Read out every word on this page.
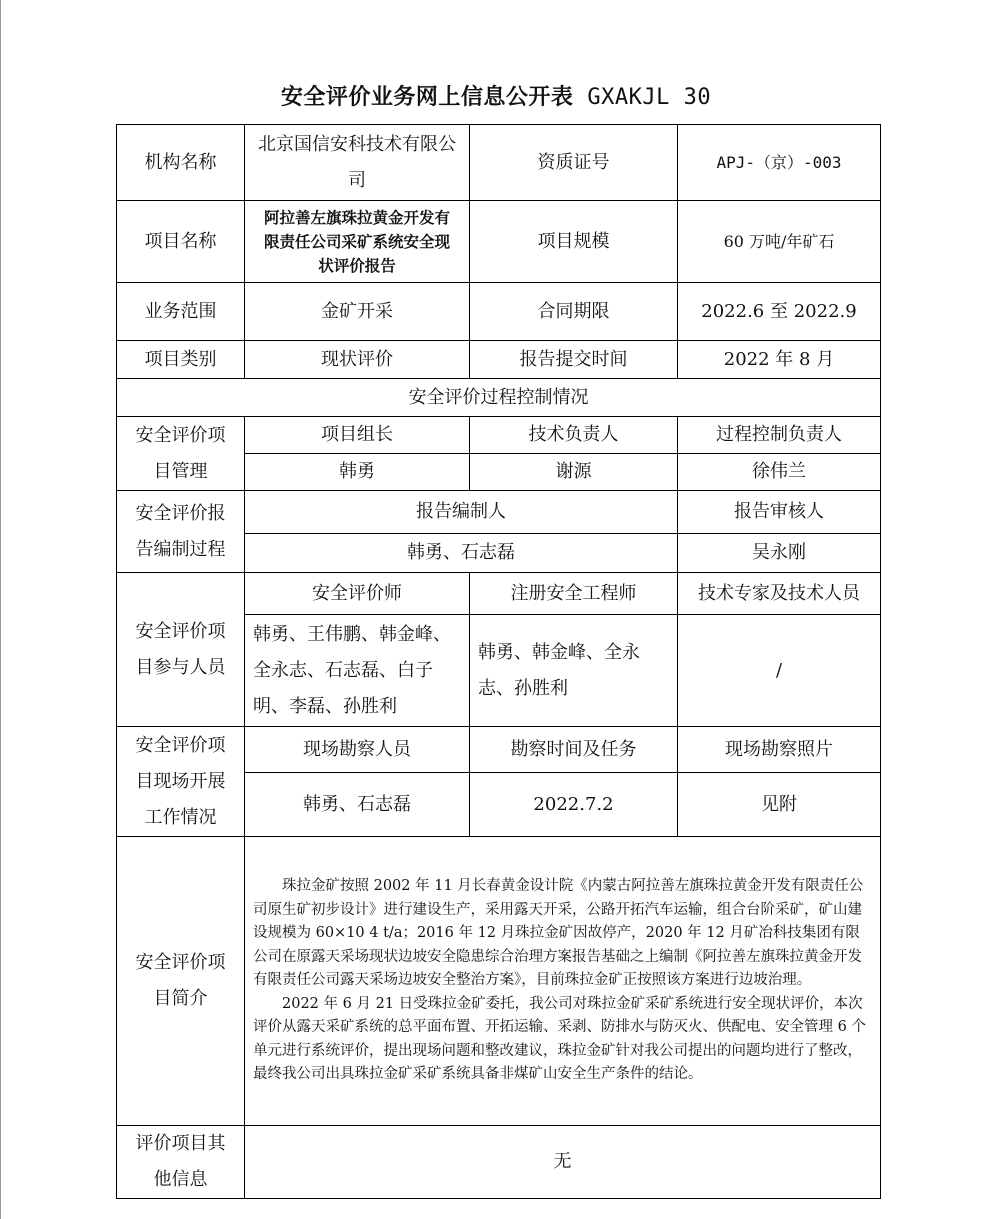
安全评价业务网上信息公开表 GXAKJL 30
机构名称	北京国信安科技术有限公司	资质证号	APJ-（京）-003
项目名称	阿拉善左旗珠拉黄金开发有限责任公司采矿系统安全现状评价报告	项目规模	60 万吨/年矿石
业务范围	金矿开采	合同期限	2022.6 至 2022.9
项目类别	现状评价	报告提交时间	2022 年 8 月
安全评价过程控制情况			
安全评价项目管理	项目组长	技术负责人	过程控制负责人
	韩勇	谢源	徐伟兰
安全评价报告编制过程	报告编制人		报告审核人
	韩勇、石志磊		吴永刚
安全评价项目参与人员	安全评价师	注册安全工程师	技术专家及技术人员
	韩勇、王伟鹏、韩金峰、全永志、石志磊、白子明、李磊、孙胜利	韩勇、韩金峰、全永志、孙胜利	/
安全评价项目现场开展工作情况	现场勘察人员	勘察时间及任务	现场勘察照片
	韩勇、石志磊	2022.7.2	见附
安全评价项目简介	珠拉金矿按照 2002 年 11 月长春黄金设计院《内蒙古阿拉善左旗珠拉黄金开发有限责任公司原生矿初步设计》进行建设生产，采用露天开采，公路开拓汽车运输，组合台阶采矿，矿山建设规模为 60×10 4 t/a；2016 年 12 月珠拉金矿因故停产，2020 年 12 月矿冶科技集团有限公司在原露天采场现状边坡安全隐患综合治理方案报告基础之上编制《阿拉善左旗珠拉黄金开发有限责任公司露天采场边坡安全整治方案》，目前珠拉金矿正按照该方案进行边坡治理。

2022 年 6 月 21 日受珠拉金矿委托，我公司对珠拉金矿采矿系统进行安全现状评价，本次评价从露天采矿系统的总平面布置、开拓运输、采剥、防排水与防灭火、供配电、安全管理 6 个单元进行系统评价，提出现场问题和整改建议，珠拉金矿针对我公司提出的问题均进行了整改，最终我公司出具珠拉金矿采矿系统具备非煤矿山安全生产条件的结论。		

评价项目其他信息	无		
